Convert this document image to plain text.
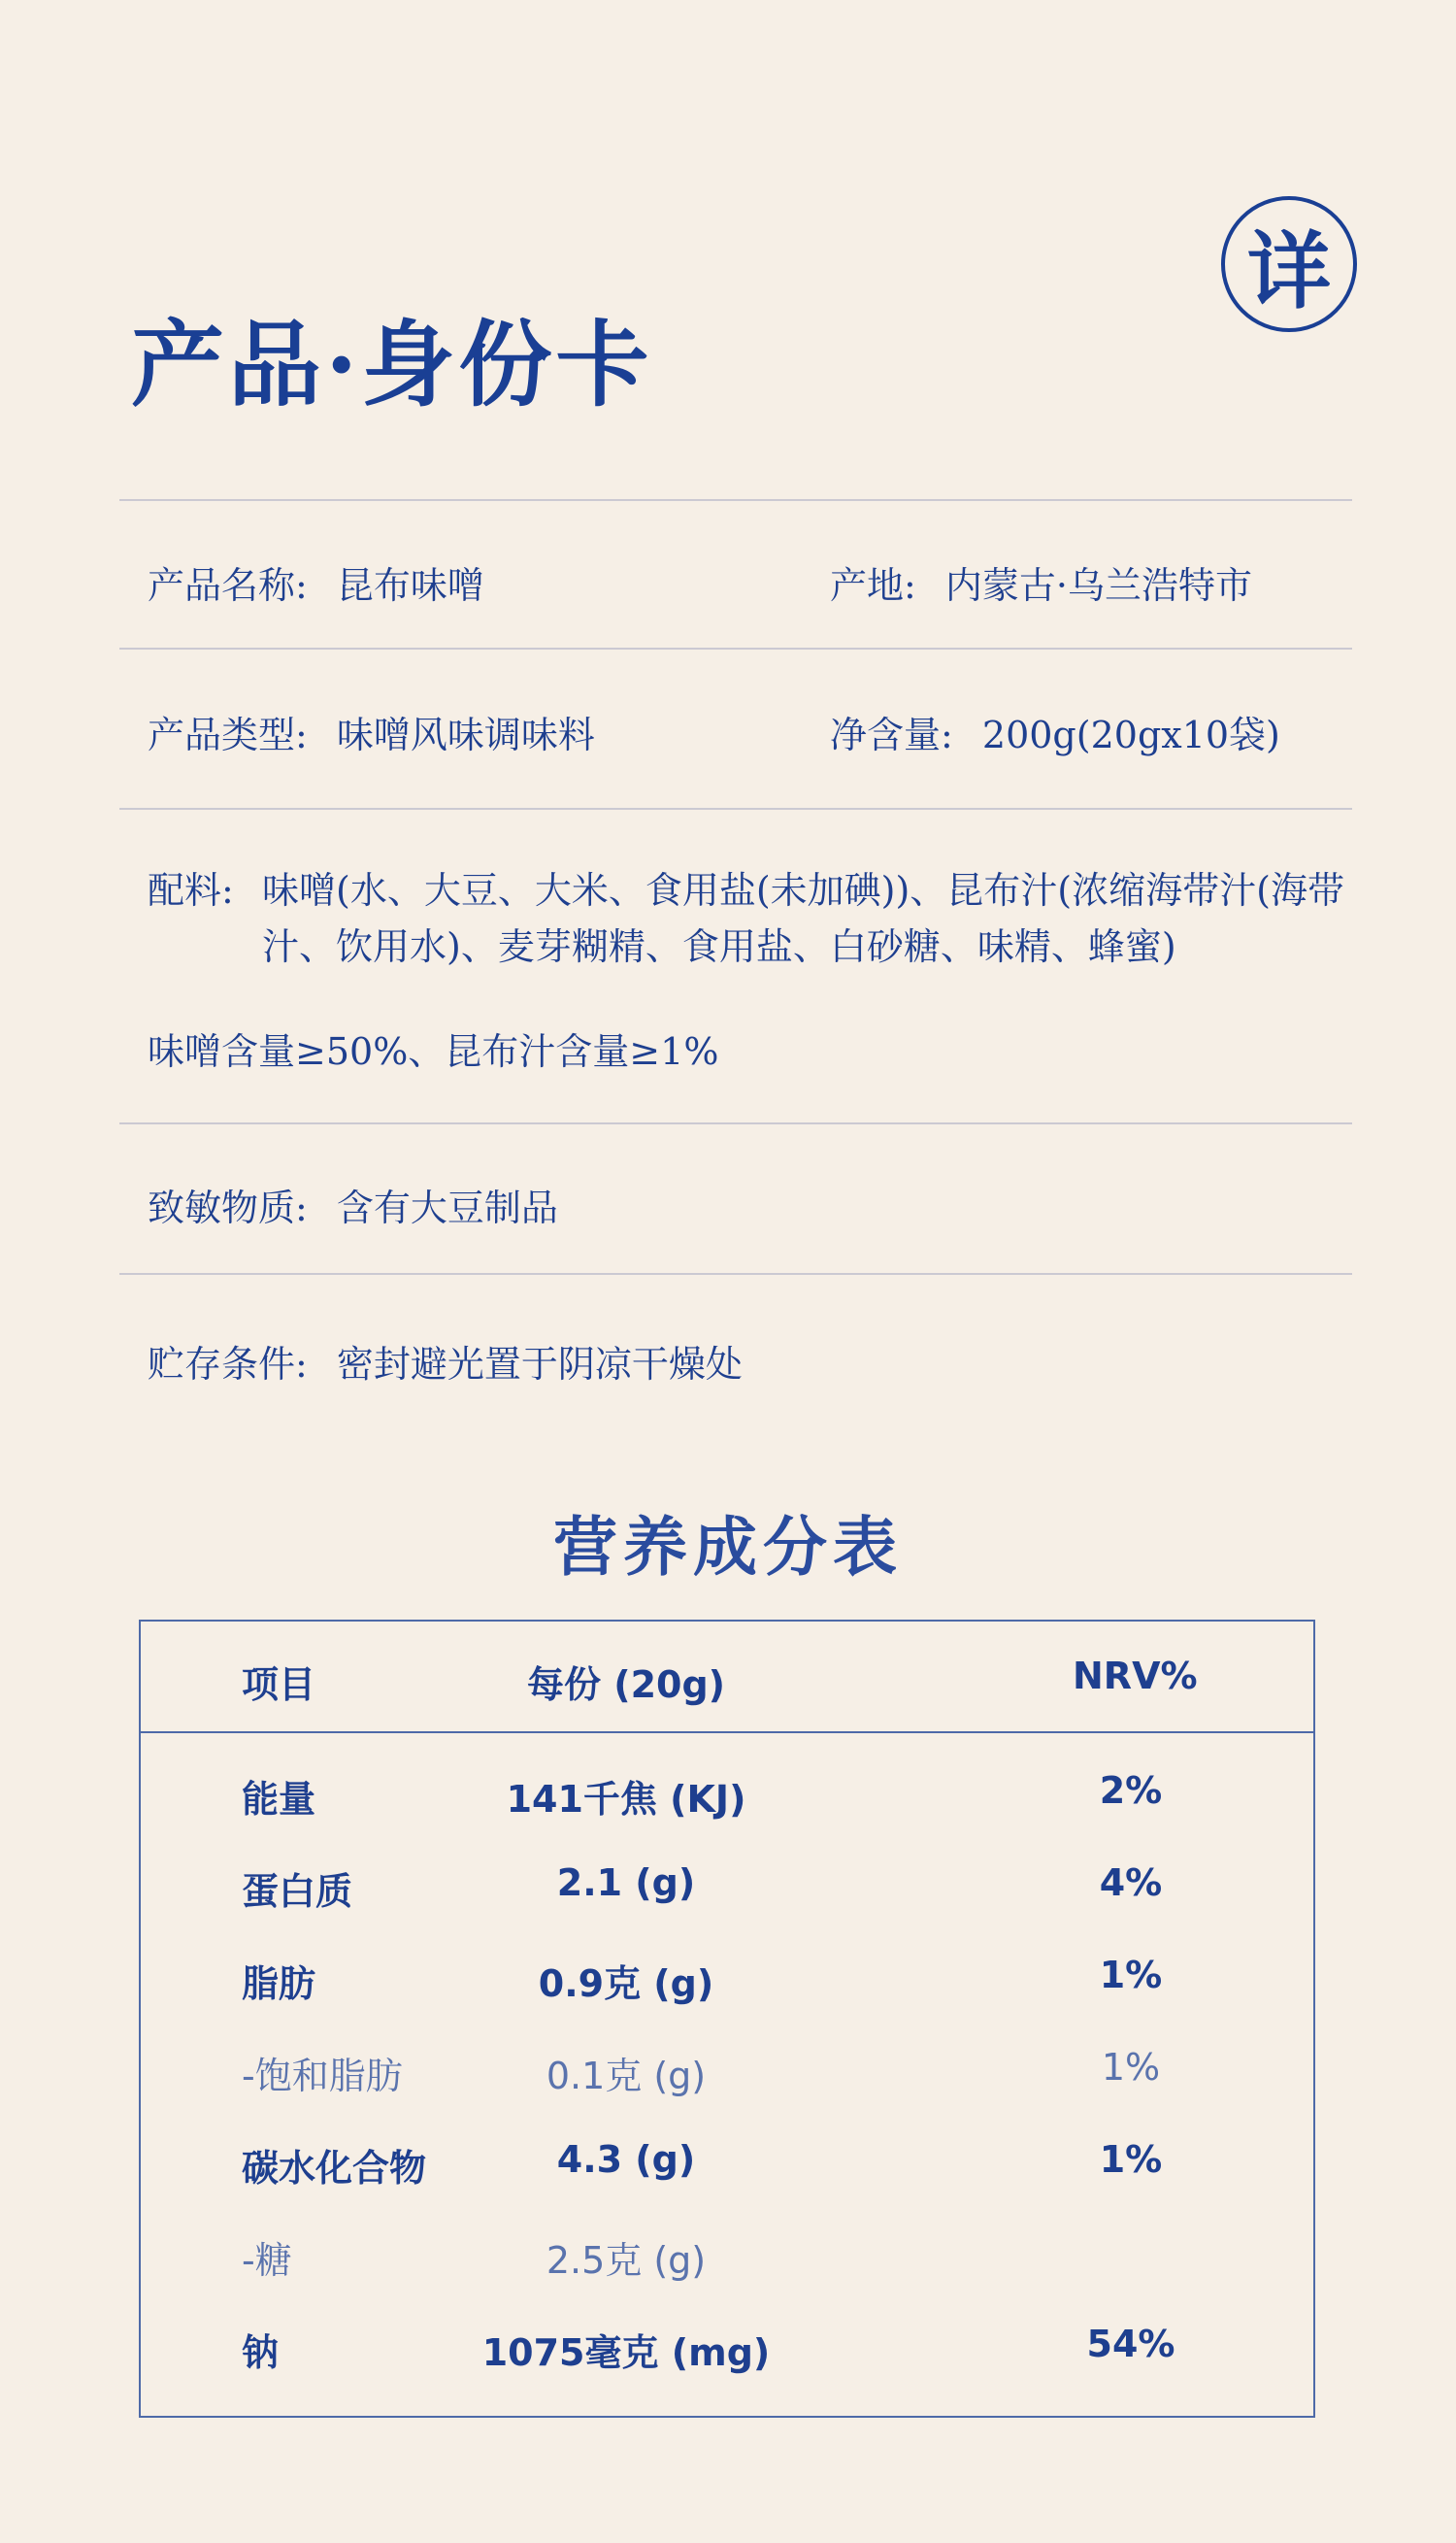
产品·身份卡
详
产品名称: 昆布味噌	产地: 内蒙古·乌兰浩特市
产品类型: 味噌风味调味料	净含量: 200g(20gx10袋)
配料: 味噌(水、大豆、大米、食用盐(未加碘))、昆布汁(浓缩海带汁(海带
汁、饮用水)、麦芽糊精、食用盐、白砂糖、味精、蜂蜜)
味噌含量≥50%、昆布汁含量≥1%
致敏物质: 含有大豆制品
贮存条件: 密封避光置于阴凉干燥处
营养成分表
项目	每份 (20g)	NRV%
能量	141千焦 (KJ)	2%
蛋白质	2.1 (g)	4%
脂肪	0.9克 (g)	1%
-饱和脂肪	0.1克 (g)	1%
碳水化合物	4.3 (g)	1%
-糖	2.5克 (g)
钠	1075毫克 (mg)	54%
